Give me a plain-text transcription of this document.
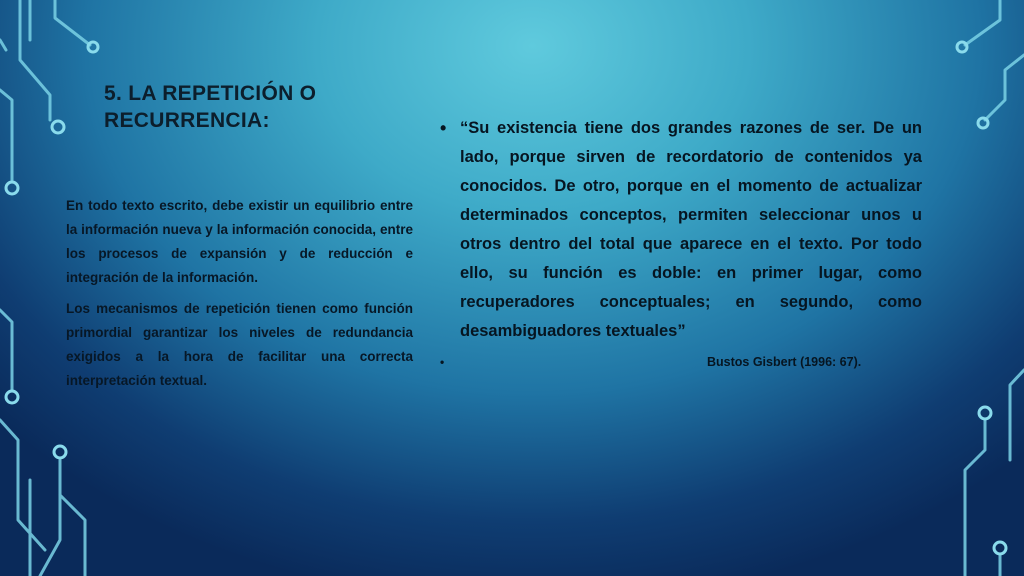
5. LA REPETICIÓN O RECURRENCIA:

En todo texto escrito, debe existir un equilibrio entre la información nueva y la información conocida, entre los procesos de expansión y de reducción e integración de la información.

Los mecanismos de repetición tienen como función primordial garantizar los niveles de redundancia exigidos a la hora de facilitar una correcta interpretación textual.

• “Su existencia tiene dos grandes razones de ser. De un lado, porque sirven de recordatorio de contenidos ya conocidos. De otro, porque en el momento de actualizar determinados conceptos, permiten seleccionar unos u otros dentro del total que aparece en el texto. Por todo ello, su función es doble: en primer lugar, como recuperadores conceptuales; en segundo, como desambiguadores textuales”
•	Bustos Gisbert (1996: 67).
